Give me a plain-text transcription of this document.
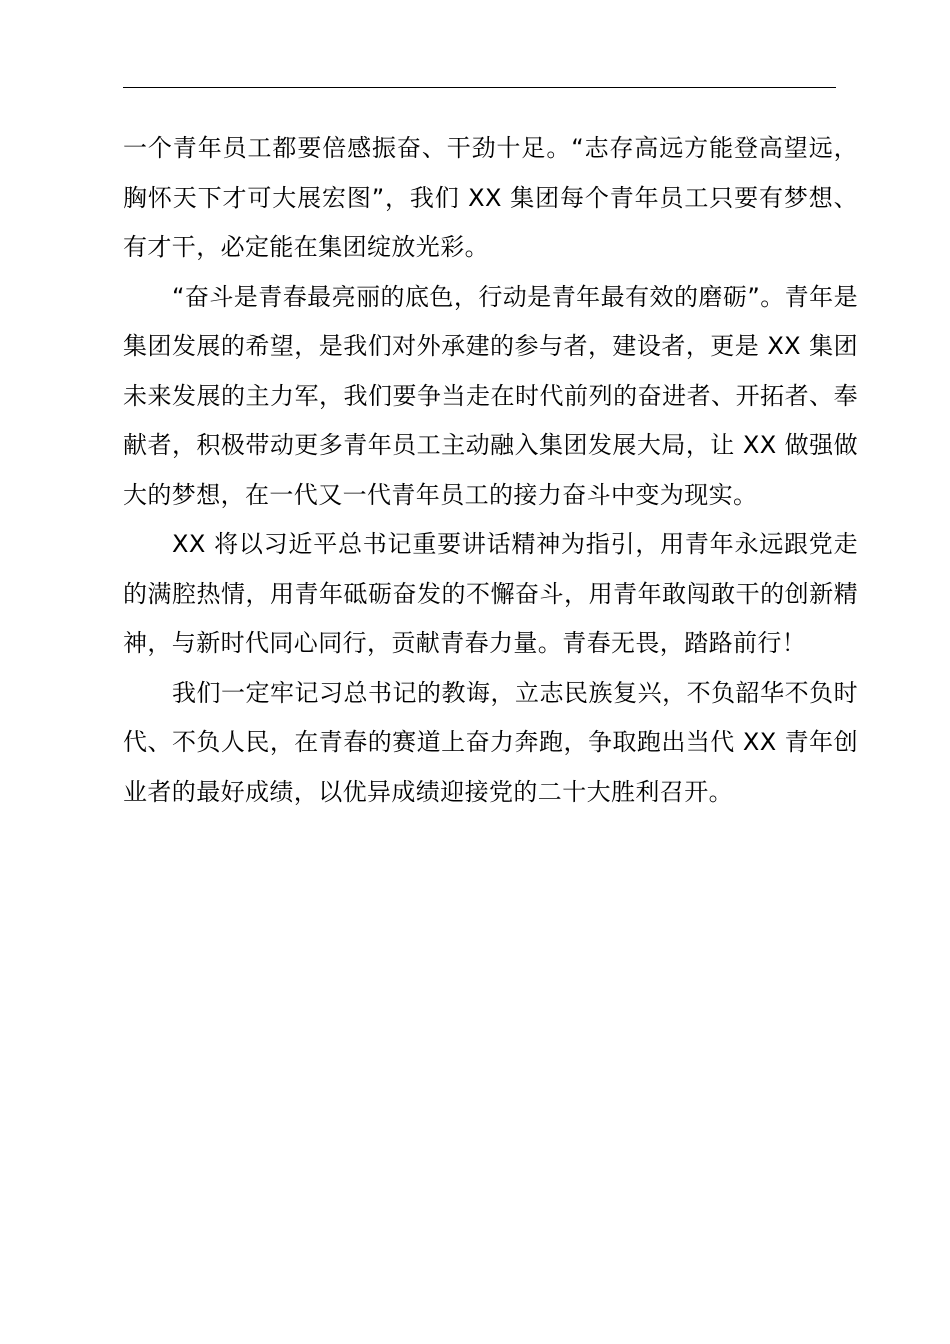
一个青年员工都要倍感振奋、干劲十足。“志存高远方能登高望远，胸怀天下才可大展宏图”，我们 XX 集团每个青年员工只要有梦想、有才干，必定能在集团绽放光彩。

“奋斗是青春最亮丽的底色，行动是青年最有效的磨砺”。青年是集团发展的希望，是我们对外承建的参与者，建设者，更是 XX 集团未来发展的主力军，我们要争当走在时代前列的奋进者、开拓者、奉献者，积极带动更多青年员工主动融入集团发展大局，让 XX 做强做大的梦想，在一代又一代青年员工的接力奋斗中变为现实。

XX 将以习近平总书记重要讲话精神为指引，用青年永远跟党走的满腔热情，用青年砥砺奋发的不懈奋斗，用青年敢闯敢干的创新精神，与新时代同心同行，贡献青春力量。青春无畏，踏路前行！

我们一定牢记习总书记的教诲，立志民族复兴，不负韶华不负时代、不负人民，在青春的赛道上奋力奔跑，争取跑出当代 XX 青年创业者的最好成绩，以优异成绩迎接党的二十大胜利召开。
